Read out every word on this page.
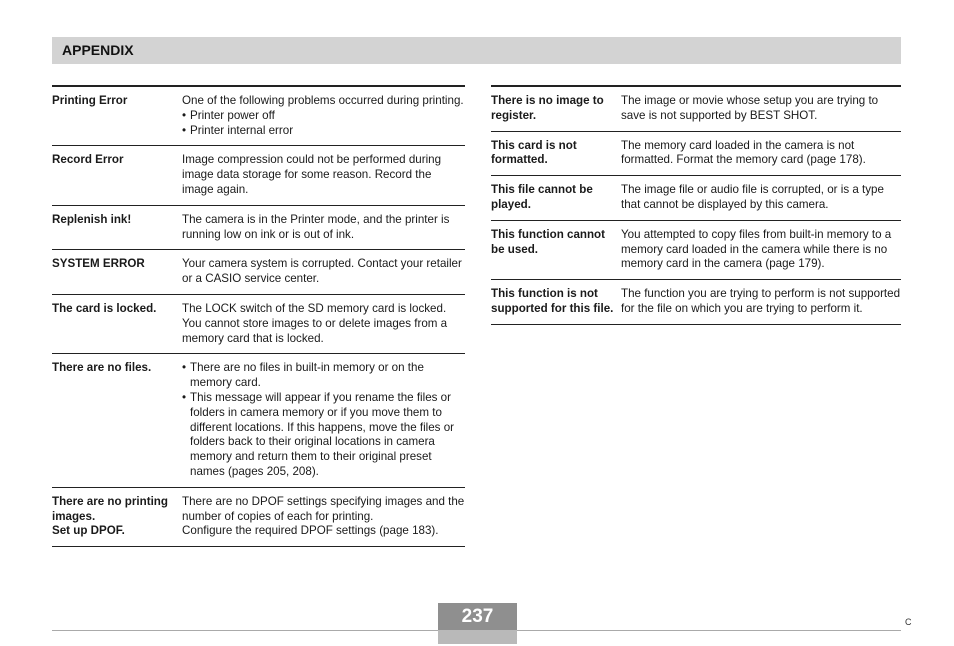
APPENDIX
Printing Error	One of the following problems occurred during printing.
• Printer power off
• Printer internal error
Record Error	Image compression could not be performed during image data storage for some reason. Record the image again.
Replenish ink!	The camera is in the Printer mode, and the printer is running low on ink or is out of ink.
SYSTEM ERROR	Your camera system is corrupted. Contact your retailer or a CASIO service center.
The card is locked.	The LOCK switch of the SD memory card is locked. You cannot store images to or delete images from a memory card that is locked.
There are no files.
•	There are no files in built-in memory or on the memory card.
• This message will appear if you rename the files or folders in camera memory or if you move them to different locations. If this happens, move the files or folders back to their original locations in camera memory and return them to their original preset names (pages 205, 208).
There are no printing images.
Set up DPOF.
There are no DPOF settings specifying images and the number of copies of each for printing.
Configure the required DPOF settings (page 183).
There is no image to register.
The image or movie whose setup you are trying to save is not supported by BEST SHOT.
This card is not formatted.
The memory card loaded in the camera is not formatted. Format the memory card (page 178).
This file cannot be played.
The image file or audio file is corrupted, or is a type that cannot be displayed by this camera.
This function cannot be used.
You attempted to copy files from built-in memory to a memory card loaded in the camera while there is no memory card in the camera (page 179).
This function is not supported for this file.
The function you are trying to perform is not supported for the file on which you are trying to perform it.
237	C
